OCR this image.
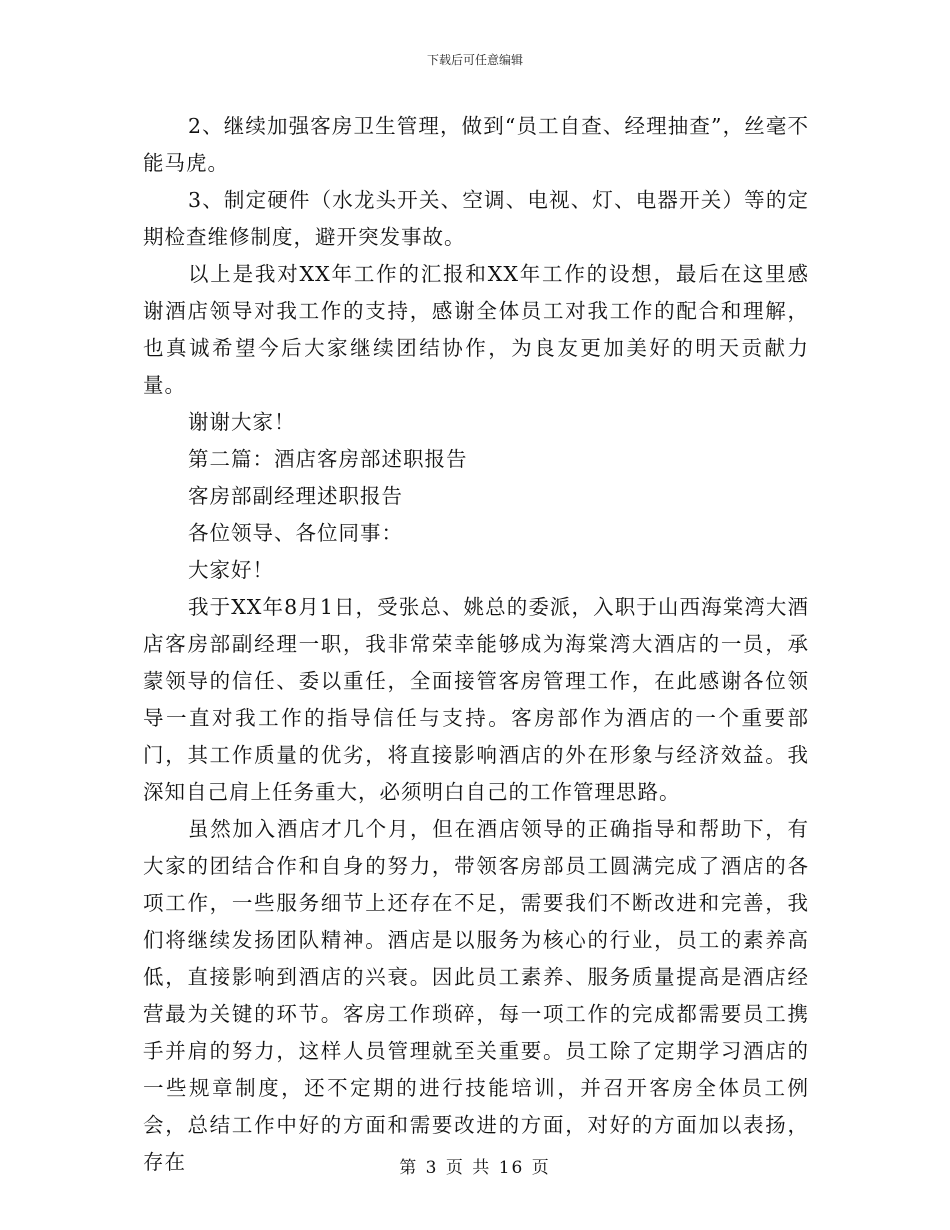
下载后可任意编辑

2、继续加强客房卫生管理，做到“员工自查、经理抽查”，丝毫不能马虎。

3、制定硬件（水龙头开关、空调、电视、灯、电器开关）等的定期检查维修制度，避开突发事故。

以上是我对XX年工作的汇报和XX年工作的设想，最后在这里感谢酒店领导对我工作的支持，感谢全体员工对我工作的配合和理解，也真诚希望今后大家继续团结协作，为良友更加美好的明天贡献力量。

谢谢大家！

第二篇：酒店客房部述职报告

客房部副经理述职报告

各位领导、各位同事：

大家好！

我于XX年8月1日，受张总、姚总的委派，入职于山西海棠湾大酒店客房部副经理一职，我非常荣幸能够成为海棠湾大酒店的一员，承蒙领导的信任、委以重任，全面接管客房管理工作，在此感谢各位领导一直对我工作的指导信任与支持。客房部作为酒店的一个重要部门，其工作质量的优劣，将直接影响酒店的外在形象与经济效益。我深知自己肩上任务重大，必须明白自己的工作管理思路。

虽然加入酒店才几个月，但在酒店领导的正确指导和帮助下，有大家的团结合作和自身的努力，带领客房部员工圆满完成了酒店的各项工作，一些服务细节上还存在不足，需要我们不断改进和完善，我们将继续发扬团队精神。酒店是以服务为核心的行业，员工的素养高低，直接影响到酒店的兴衰。因此员工素养、服务质量提高是酒店经营最为关键的环节。客房工作琐碎，每一项工作的完成都需要员工携手并肩的努力，这样人员管理就至关重要。员工除了定期学习酒店的一些规章制度，还不定期的进行技能培训，并召开客房全体员工例会，总结工作中好的方面和需要改进的方面，对好的方面加以表扬，存在	第 3 页 共 16 页
